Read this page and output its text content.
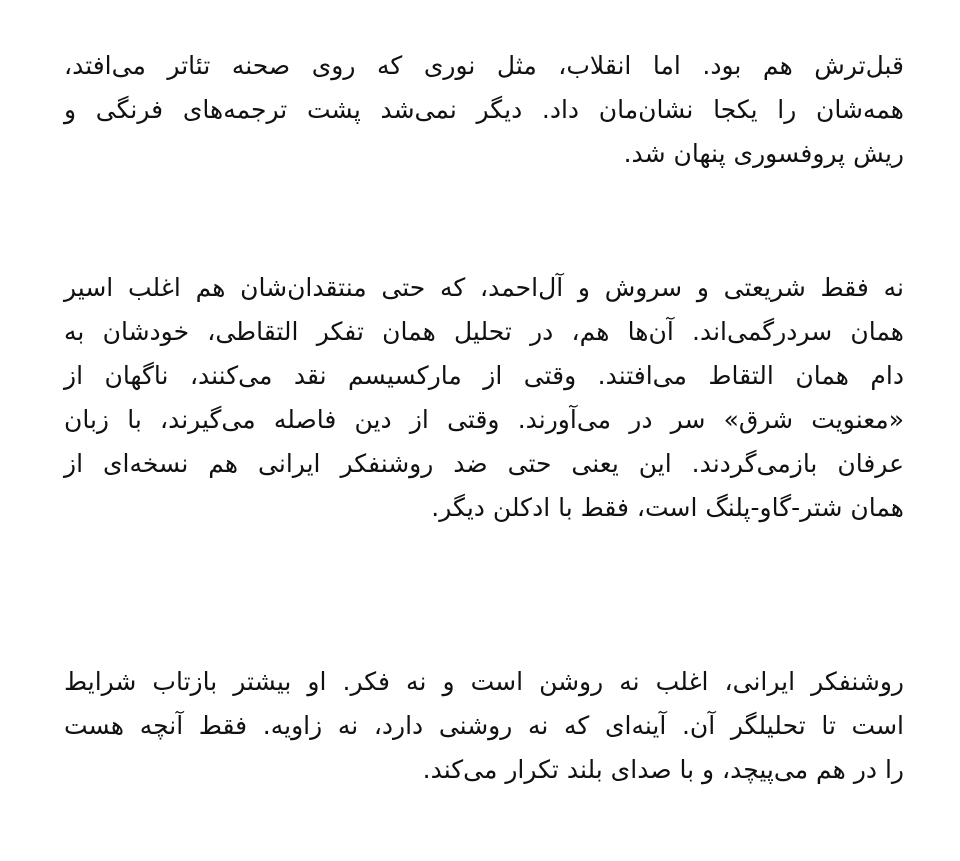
قبل‌ترش هم بود. اما انقلاب، مثل نوری که روی صحنه تئاتر می‌افتد،
همه‌شان را یکجا نشان‌مان داد. دیگر نمی‌شد پشت ترجمه‌های فرنگی و
ریش پروفسوری پنهان شد.
نه فقط شریعتی و سروش و آل‌احمد، که حتی منتقدان‌شان هم اغلب اسیر
همان سردرگمی‌اند. آن‌ها هم، در تحلیل همان تفکر التقاطی، خودشان به
دام همان التقاط می‌افتند. وقتی از مارکسیسم نقد می‌کنند، ناگهان از
«معنویت شرق» سر در می‌آورند. وقتی از دین فاصله می‌گیرند، با زبان
عرفان بازمی‌گردند. این یعنی حتی ضد روشنفکر ایرانی هم نسخه‌ای از
همان شتر-گاو-پلنگ است، فقط با ادکلن دیگر.
روشنفکر ایرانی، اغلب نه روشن است و نه فکر. او بیشتر بازتاب شرایط
است تا تحلیلگر آن. آینه‌ای که نه روشنی دارد، نه زاویه. فقط آنچه هست
را در هم می‌پیچد، و با صدای بلند تکرار می‌کند.
